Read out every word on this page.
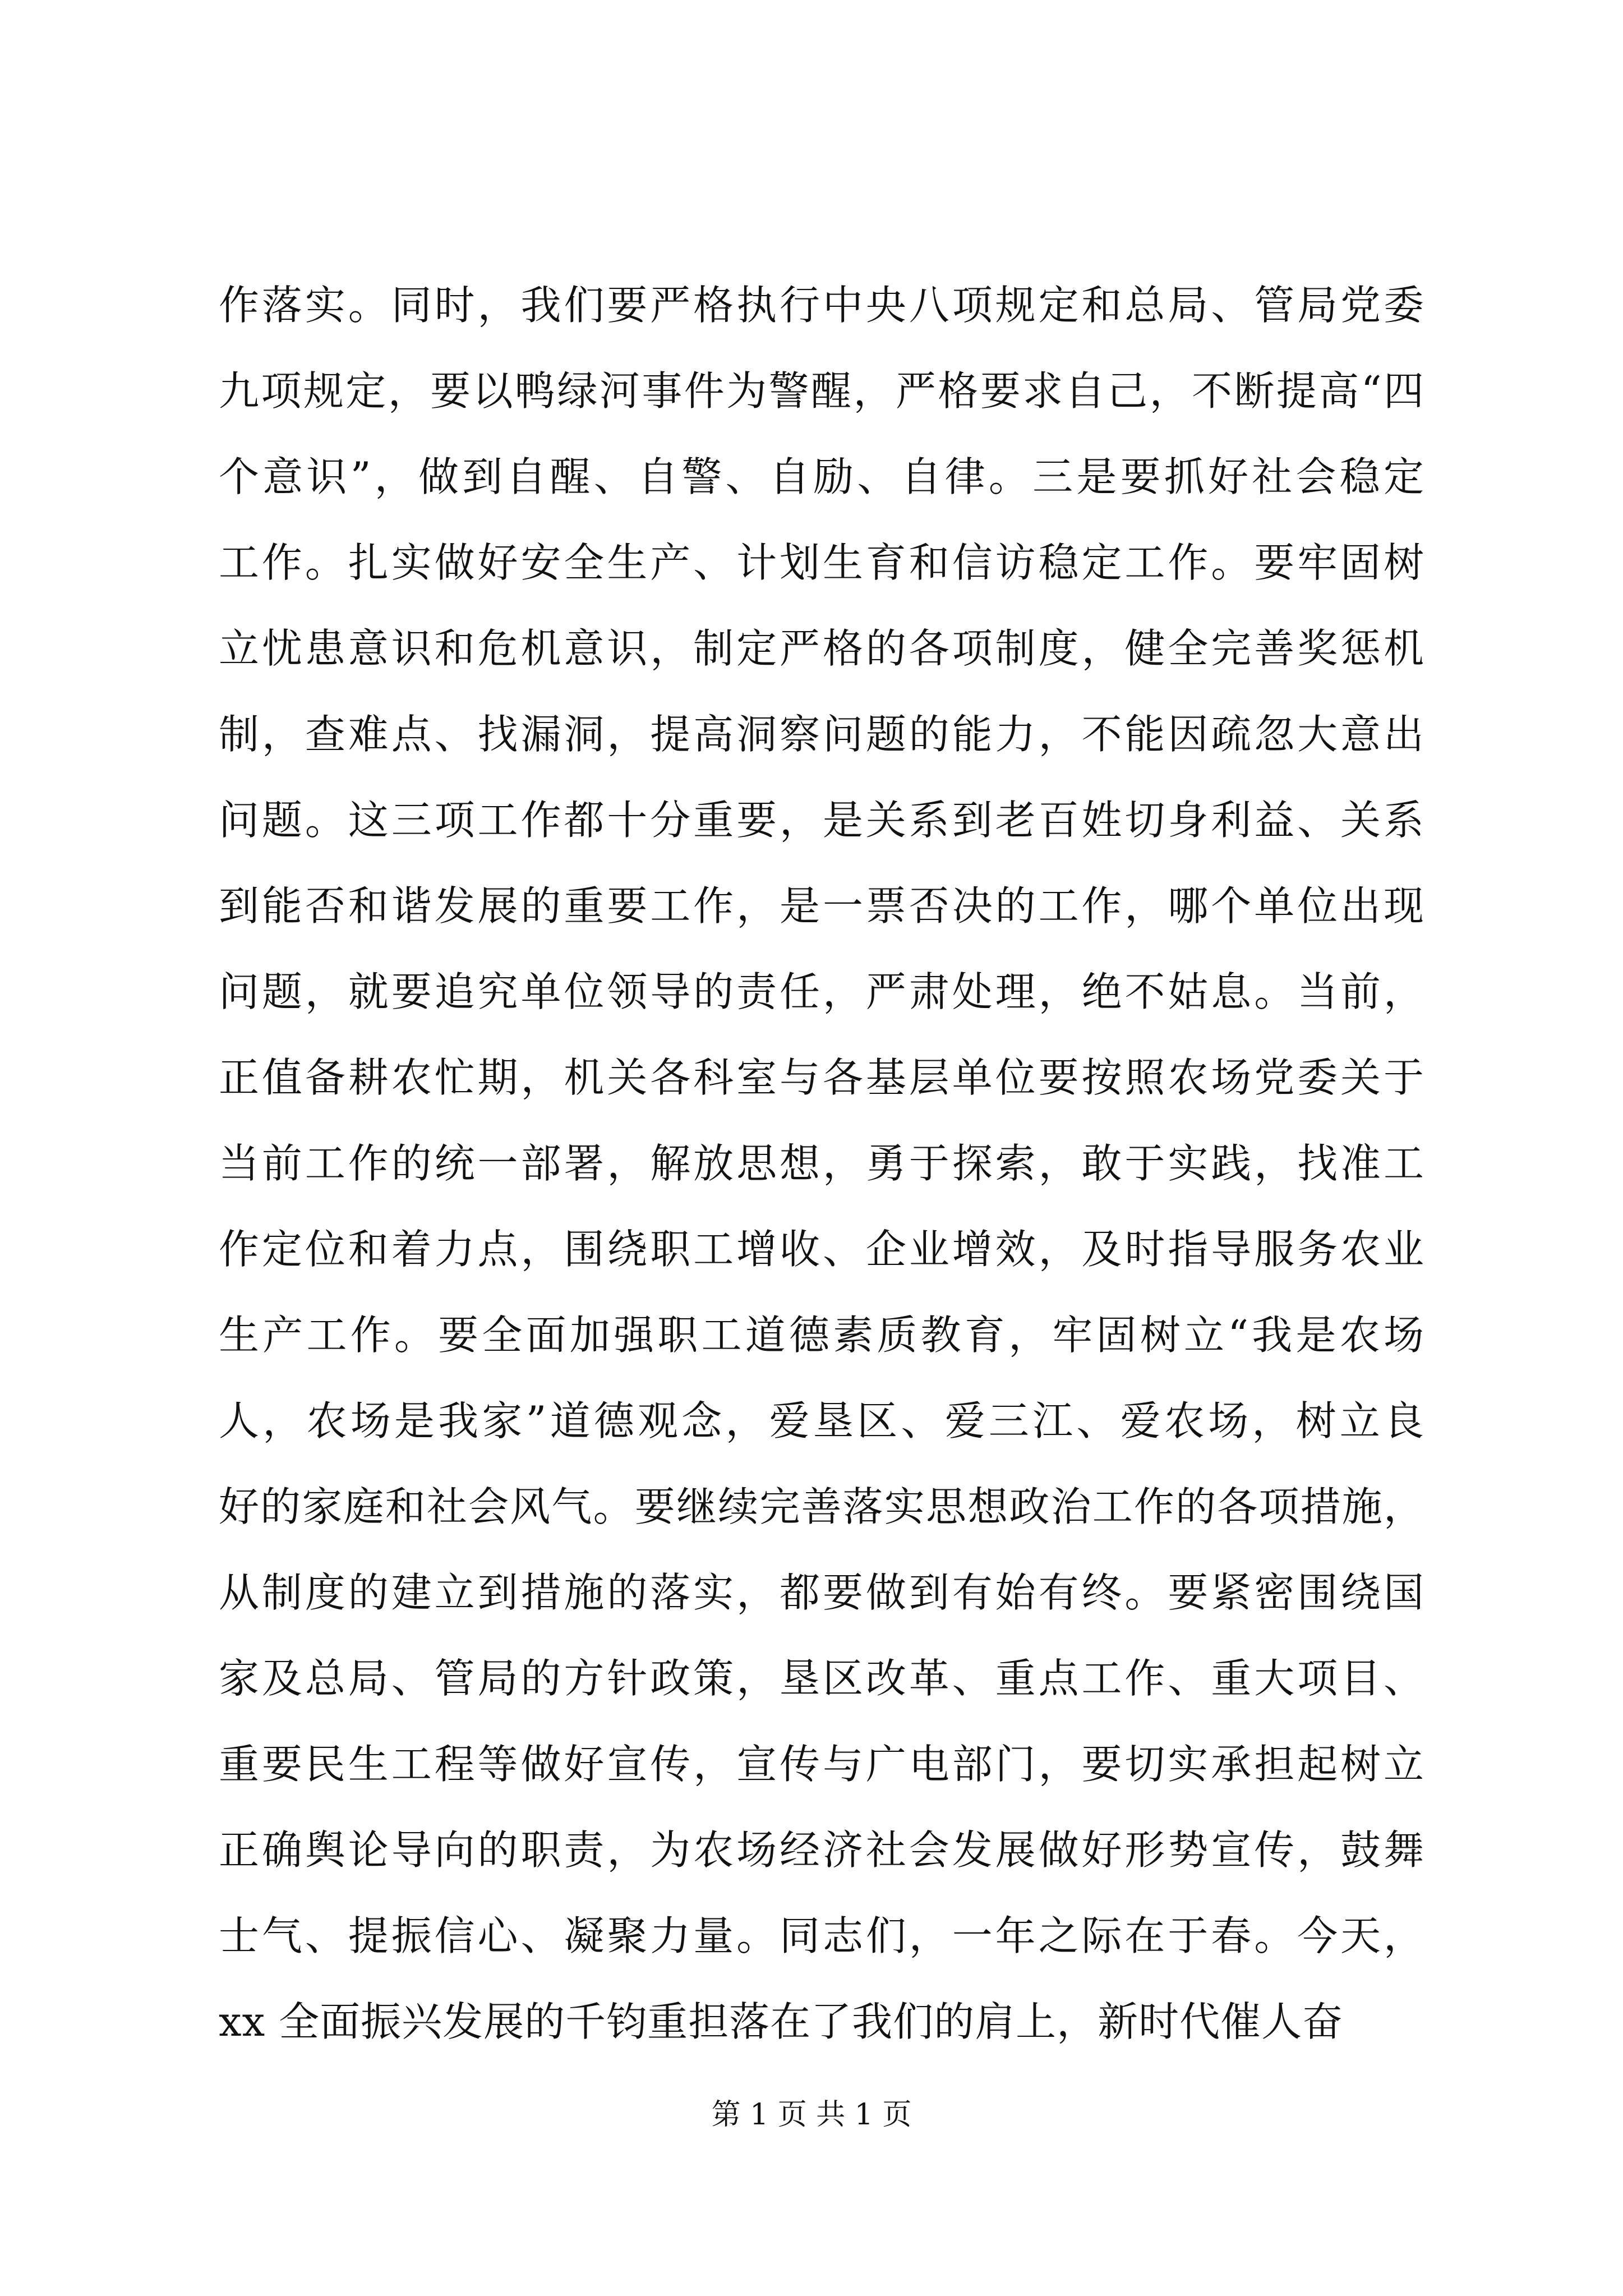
作落实。同时，我们要严格执行中央八项规定和总局、管局党委
九项规定，要以鸭绿河事件为警醒，严格要求自己，不断提高“四
个意识”，做到自醒、自警、自励、自律。三是要抓好社会稳定
工作。扎实做好安全生产、计划生育和信访稳定工作。要牢固树
立忧患意识和危机意识，制定严格的各项制度，健全完善奖惩机
制，查难点、找漏洞，提高洞察问题的能力，不能因疏忽大意出
问题。这三项工作都十分重要，是关系到老百姓切身利益、关系
到能否和谐发展的重要工作，是一票否决的工作，哪个单位出现
问题，就要追究单位领导的责任，严肃处理，绝不姑息。当前，
正值备耕农忙期，机关各科室与各基层单位要按照农场党委关于
当前工作的统一部署，解放思想，勇于探索，敢于实践，找准工
作定位和着力点，围绕职工增收、企业增效，及时指导服务农业
生产工作。要全面加强职工道德素质教育，牢固树立“我是农场
人，农场是我家”道德观念，爱垦区、爱三江、爱农场，树立良
好的家庭和社会风气。要继续完善落实思想政治工作的各项措施，
从制度的建立到措施的落实，都要做到有始有终。要紧密围绕国
家及总局、管局的方针政策，垦区改革、重点工作、重大项目、
重要民生工程等做好宣传，宣传与广电部门，要切实承担起树立
正确舆论导向的职责，为农场经济社会发展做好形势宣传，鼓舞
士气、提振信心、凝聚力量。同志们，一年之际在于春。今天，
xx 全面振兴发展的千钧重担落在了我们的肩上，新时代催人奋
第 1 页 共 1 页
